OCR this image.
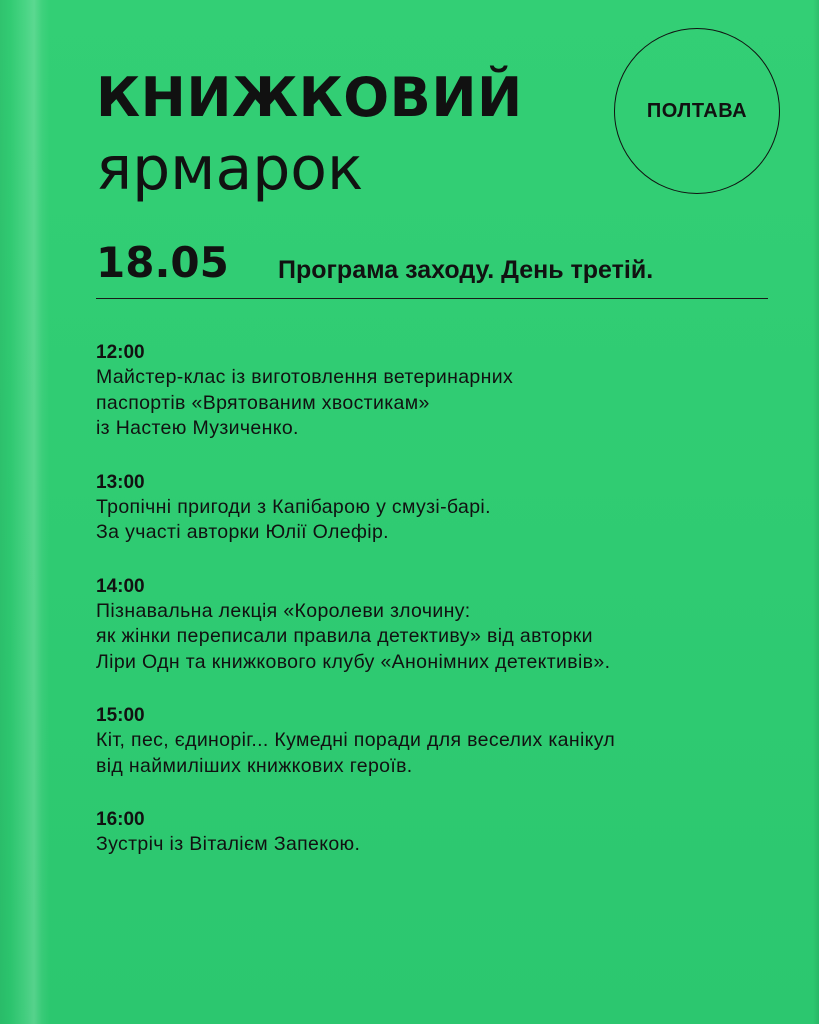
КНИЖКОВИЙ
ярмарок
ПОЛТАВА
18.05 Програма заходу. День третій.
12:00
Майстер-клас із виготовлення ветеринарних
паспортів «Врятованим хвостикам»
із Настею Музиченко.
13:00
Тропічні пригоди з Капібарою у смузі-барі.
За участі авторки Юлії Олефір.
14:00
Пізнавальна лекція «Королеви злочину:
як жінки переписали правила детективу» від авторки
Ліри Одн та книжкового клубу «Анонімних детективів».
15:00
Кіт, пес, єдиноріг... Кумедні поради для веселих канікул
від наймиліших книжкових героїв.
16:00
Зустріч із Віталієм Запекою.
